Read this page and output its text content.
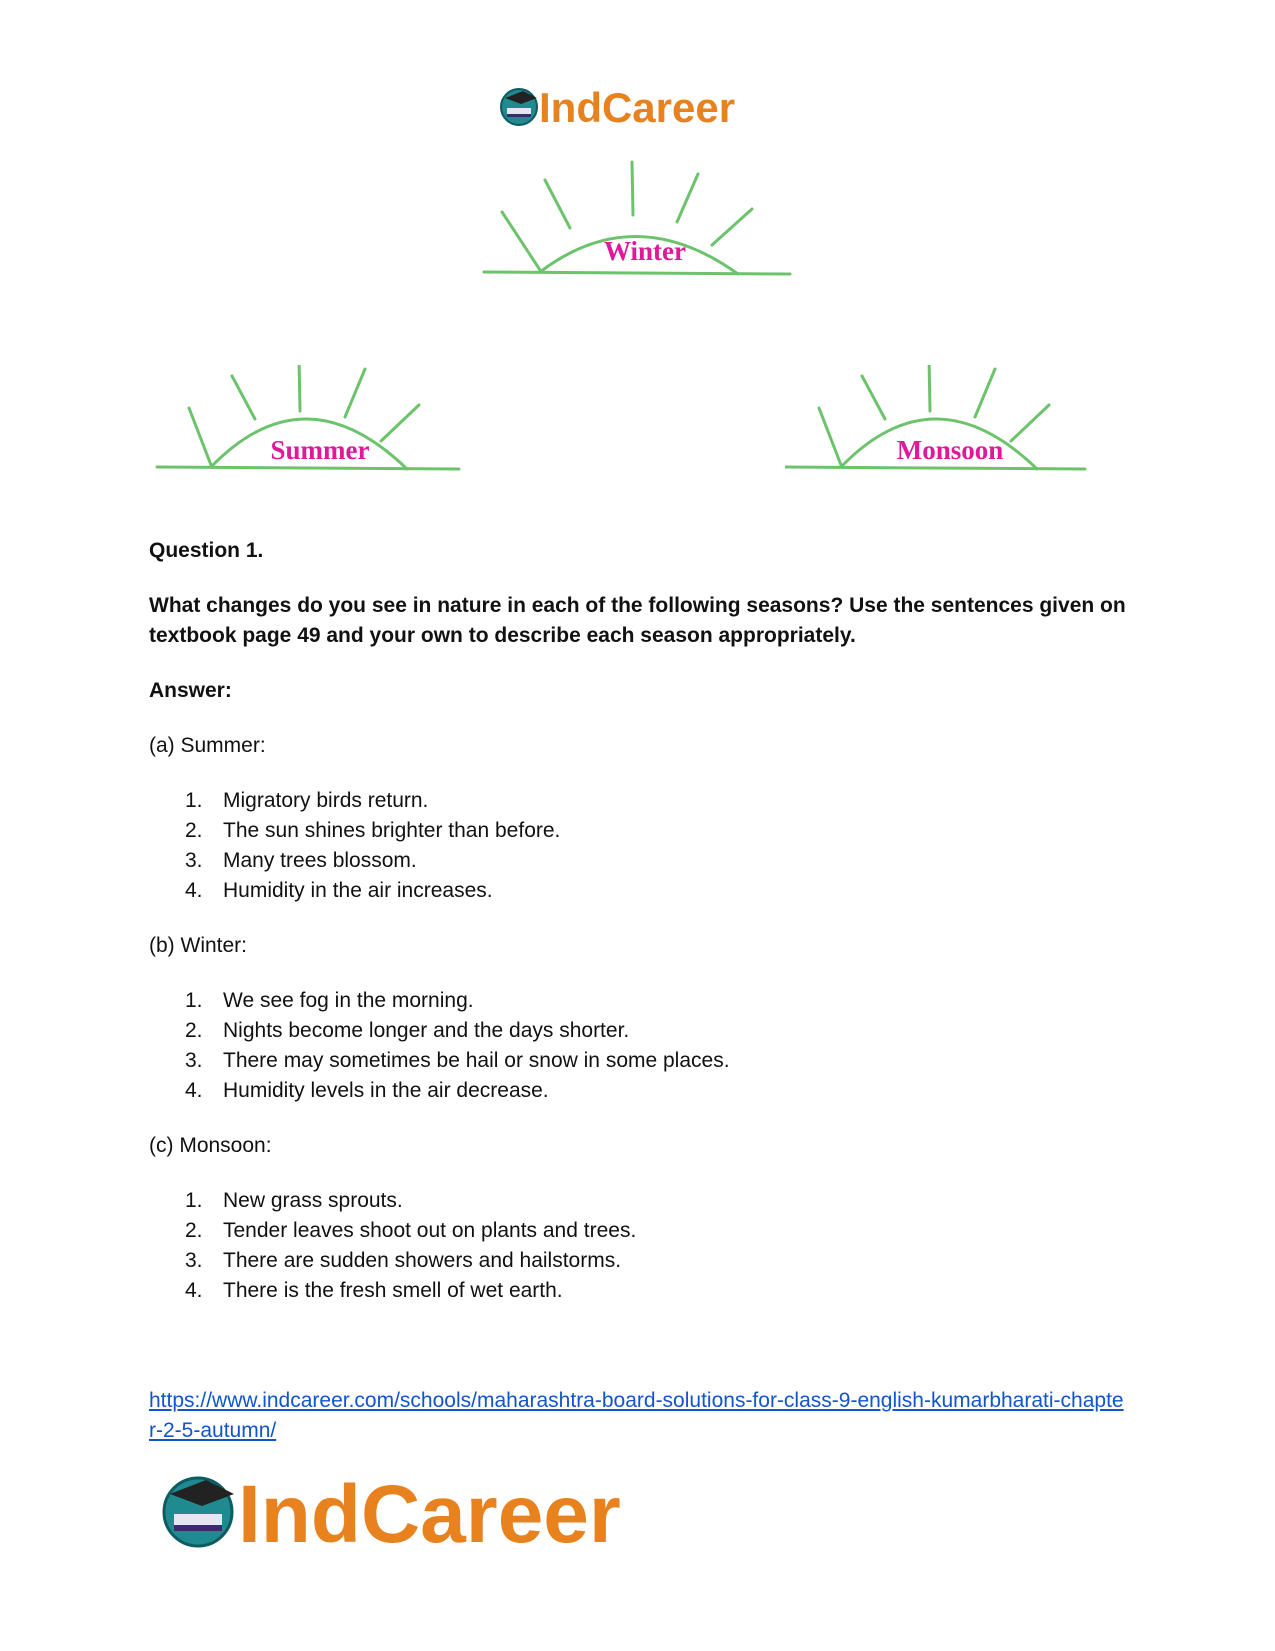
IndCareer
Winter
Summer	Monsoon

Question 1.

What changes do you see in nature in each of the following seasons? Use the sentences given on textbook page 49 and your own to describe each season appropriately.

Answer:

(a) Summer:

1. Migratory birds return.
2. The sun shines brighter than before.
3. Many trees blossom.
4. Humidity in the air increases.

(b) Winter:

1. We see fog in the morning.
2. Nights become longer and the days shorter.
3. There may sometimes be hail or snow in some places.
4. Humidity levels in the air decrease.

(c) Monsoon:

1. New grass sprouts.
2. Tender leaves shoot out on plants and trees.
3. There are sudden showers and hailstorms.
4. There is the fresh smell of wet earth.
https://www.indcareer.com/schools/maharashtra-board-solutions-for-class-9-english-kumarbharati-chapter-2-5-autumn/
IndCareer
